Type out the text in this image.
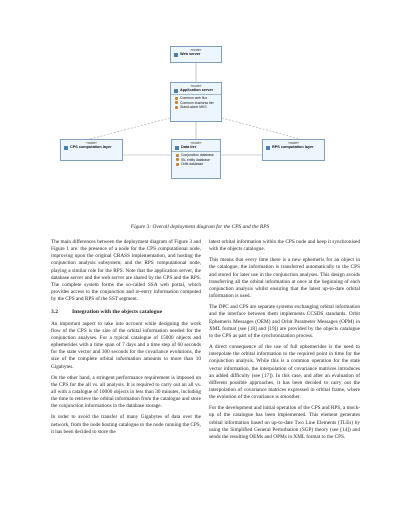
«node»
Web server
«node»
Application server
Common web flux
Common business tier
Stand-alone MKS
«node»
CPS computation layer
«node»
Data tier
Conjunction database
ISL entity database
Orbit database
«node»
RPS computation layer
Figure 3: Overall deployment diagram for the CPS and the RPS

The main differences between the deployment diagram of Figure 3 and Figure 1 are: the presence of a node for the CPS computational node, improving upon the original CRASS implementation, and hosting the conjunction analysis subsystem; and the RPS computational node, playing a similar role for the RPS. Note that the application server, the database server and the web server are shared by the CPS and the RPS. The complete system forms the so-called SSA web portal, which provides access to the conjunction and re-entry information computed by the CPS and RPS of the SST segment.

3.2	Integration with the objects catalogue

An important aspect to take into account while designing the work flow of the CPS is the size of the orbital information needed for the conjunction analyses. For a typical catalogue of 15000 objects and ephemerides with a time span of 7 days and a time step of 60 seconds for the state vector and 300 seconds for the covariance evolutions, the size of the complete orbital information amounts to more than 10 Gigabytes.

On the other hand, a stringent performance requirement is imposed on the CPS for the all vs. all analysis. It is required to carry out an all vs. all with a catalogue of 10000 objects in less than 30 minutes, including the time to retrieve the orbital information from the catalogue and store the conjunction informations in the database storage.

In order to avoid the transfer of many Gigabytes of data over the network, from the node hosting catalogue to the node running the CPS, it has been decided to store the

latest orbital information within the CPS node and keep it synchronised with the objects catalogue.

This means that every time there is a new ephemeris for an object in the catalogue, the information is transferred automatically to the CPS and stored for later use in the conjunction analyses. This design avoids transferring all the orbital information at once at the beginning of each conjunction analysis whilst ensuring that the latest up-to-date orbital information is used.

The DPC and CPS are separate systems exchanging orbital information and the interface between them implements CCSDS standards. Orbit Ephemeris Messages (OEM) and Orbit Parameter Messages (OPM) in XML format (see [18] and [19]) are provided by the objects catalogue to the CPS as part of the synchronization process.

A direct consequence of the use of full ephemerides is the need to interpolate the orbital information to the required point in time for the conjunction analysis. While this is a common operation for the state vector information, the interpolation of covariance matrices introduces an added difficulty (see [17]). In this case, and after an evaluation of different possible approaches, it has been decided to carry out the interpolation of covariance matrices expressed in orbital frame, where the evolution of the covariance is smoother.

For the development and initial operation of the CPS and RPS, a mock-up of the catalogue has been implemented. This element generates orbital information based on up-to-date Two Line Elements (TLEs) by using the Simplified General Perturbation (SGP) theory (see [14]) and sends the resulting OEMs and OPMs in XML format to the CPS.
